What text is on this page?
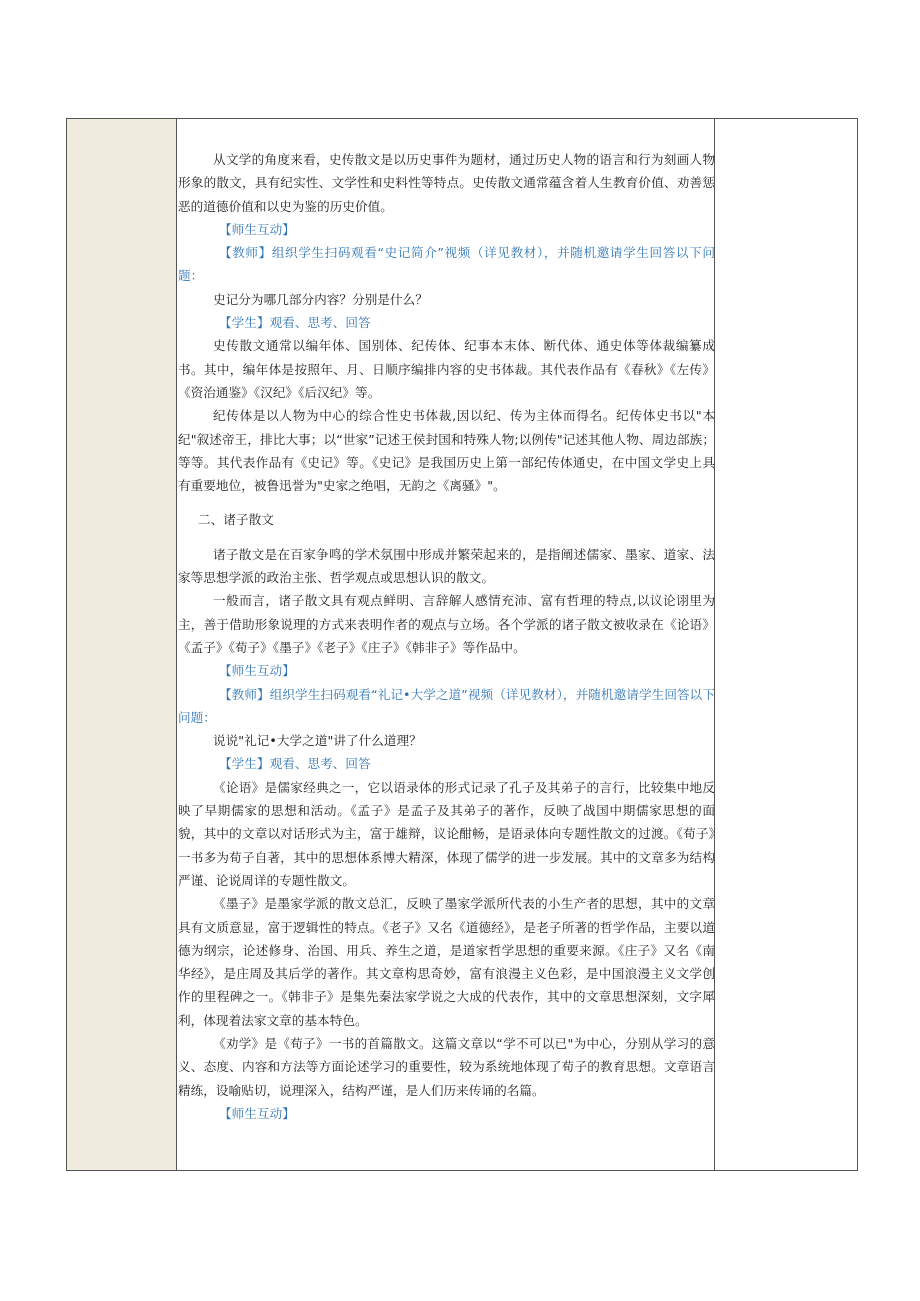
从文学的角度来看，史传散文是以历史事件为题材，通过历史人物的语言和行为刻画人物形象的散文，具有纪实性、文学性和史料性等特点。史传散文通常蕴含着人生教育价值、劝善惩恶的道德价值和以史为鉴的历史价值。

【师生互动】

【教师】组织学生扫码观看“史记简介”视频（详见教材），并随机邀请学生回答以下问题：

史记分为哪几部分内容？分别是什么？

【学生】观看、思考、回答

史传散文通常以编年体、国别体、纪传体、纪事本末体、断代体、通史体等体裁编纂成书。其中，编年体是按照年、月、日顺序编排内容的史书体裁。其代表作品有《春秋》《左传》《资治通鉴》《汉纪》《后汉纪》等。

纪传体是以人物为中心的综合性史书体裁,因以纪、传为主体而得名。纪传体史书以"本纪"叙述帝王，排比大事；以“世家”记述王侯封国和特殊人物;以例传"记述其他人物、周边部族；等等。其代表作品有《史记》等。《史记》是我国历史上第一部纪传体通史，在中国文学史上具有重要地位，被鲁迅誉为"史家之绝唱，无韵之《离骚》"。

二、诸子散文

诸子散文是在百家争鸣的学术氛围中形成并繁荣起来的，是指阐述儒家、墨家、道家、法家等思想学派的政治主张、哲学观点或思想认识的散文。

一般而言，诸子散文具有观点鲜明、言辞解人感情充沛、富有哲理的特点,以议论诩里为主，善于借助形象说理的方式来表明作者的观点与立场。各个学派的诸子散文被收录在《论语》《孟子》《荀子》《墨子》《老子》《庄子》《韩非子》等作品中。

【师生互动】

【教师】组织学生扫码观看“礼记•大学之道”视频（详见教材），并随机邀请学生回答以下问题：

说说"礼记•大学之道"讲了什么道理？

【学生】观看、思考、回答

《论语》是儒家经典之一，它以语录体的形式记录了孔子及其弟子的言行，比较集中地反映了早期儒家的思想和活动。《孟子》是孟子及其弟子的著作，反映了战国中期儒家思想的面貌，其中的文章以对话形式为主，富于雄辩，议论酣畅，是语录体向专题性散文的过渡。《荀子》一书多为荀子自著，其中的思想体系博大精深，体现了儒学的进一步发展。其中的文章多为结构严谨、论说周详的专题性散文。

《墨子》是墨家学派的散文总汇，反映了墨家学派所代表的小生产者的思想，其中的文章具有文质意显，富于逻辑性的特点。《老子》又名《道德经》，是老子所著的哲学作品，主要以道德为纲宗，论述修身、治国、用兵、养生之道，是道家哲学思想的重要来源。《庄子》又名《南华经》，是庄周及其后学的著作。其文章构思奇妙，富有浪漫主义色彩，是中国浪漫主义文学创作的里程碑之一。《韩非子》是集先秦法家学说之大成的代表作，其中的文章思想深刻，文字犀利，体现着法家文章的基本特色。

《劝学》是《荀子》一书的首篇散文。这篇文章以“学不可以已"为中心，分别从学习的意义、态度、内容和方法等方面论述学习的重要性，较为系统地体现了荀子的教育思想。文章语言精练，设喻贴切，说理深入，结构严谨，是人们历来传诵的名篇。

【师生互动】
